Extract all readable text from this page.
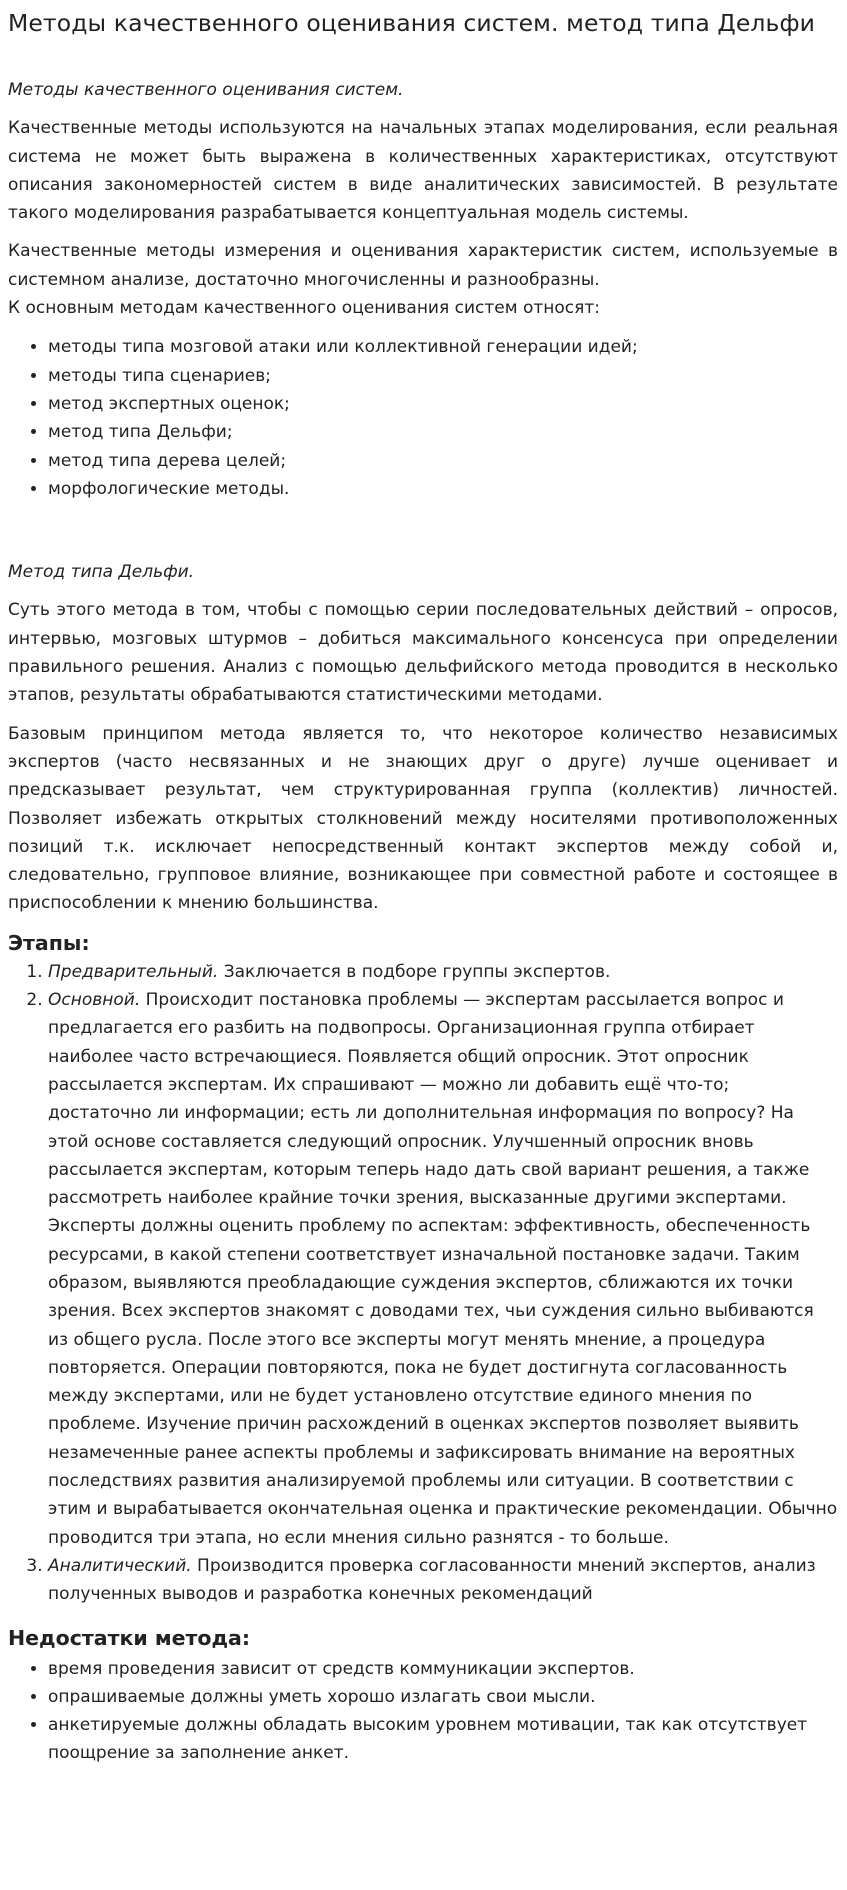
Методы качественного оценивания систем. метод типа Дельфи

Методы качественного оценивания систем.

Качественные методы используются на начальных этапах моделирования, если реальная система не может быть выражена в количественных характеристиках, отсутствуют описания закономерностей систем в виде аналитических зависимостей. В результате такого моделирования разрабатывается концептуальная модель системы.

Качественные методы измерения и оценивания характеристик систем, используемые в системном анализе, достаточно многочисленны и разнообразны.

К основным методам качественного оценивания систем относят:

• методы типа мозговой атаки или коллективной генерации идей;
• методы типа сценариев;
• метод экспертных оценок;
• метод типа Дельфи;
• метод типа дерева целей;
• морфологические методы.

Метод типа Дельфи.

Суть этого метода в том, чтобы с помощью серии последовательных действий – опросов, интервью, мозговых штурмов – добиться максимального консенсуса при определении правильного решения. Анализ с помощью дельфийского метода проводится в несколько этапов, результаты обрабатываются статистическими методами.

Базовым принципом метода является то, что некоторое количество независимых экспертов (часто несвязанных и не знающих друг о друге) лучше оценивает и предсказывает результат, чем структурированная группа (коллектив) личностей. Позволяет избежать открытых столкновений между носителями противоположенных позиций т.к. исключает непосредственный контакт экспертов между собой и, следовательно, групповое влияние, возникающее при совместной работе и состоящее в приспособлении к мнению большинства.

Этапы:
1. Предварительный. Заключается в подборе группы экспертов.
2. Основной. Происходит постановка проблемы — экспертам рассылается вопрос и предлагается его разбить на подвопросы. Организационная группа отбирает наиболее часто встречающиеся. Появляется общий опросник. Этот опросник рассылается экспертам. Их спрашивают — можно ли добавить ещё что-то; достаточно ли информации; есть ли дополнительная информация по вопросу? На этой основе составляется следующий опросник. Улучшенный опросник вновь рассылается экспертам, которым теперь надо дать свой вариант решения, а также рассмотреть наиболее крайние точки зрения, высказанные другими экспертами. Эксперты должны оценить проблему по аспектам: эффективность, обеспеченность ресурсами, в какой степени соответствует изначальной постановке задачи. Таким образом, выявляются преобладающие суждения экспертов, сближаются их точки зрения. Всех экспертов знакомят с доводами тех, чьи суждения сильно выбиваются из общего русла. После этого все эксперты могут менять мнение, а процедура повторяется. Операции повторяются, пока не будет достигнута согласованность между экспертами, или не будет установлено отсутствие единого мнения по проблеме. Изучение причин расхождений в оценках экспертов позволяет выявить незамеченные ранее аспекты проблемы и зафиксировать внимание на вероятных последствиях развития анализируемой проблемы или ситуации. В соответствии с этим и вырабатывается окончательная оценка и практические рекомендации. Обычно проводится три этапа, но если мнения сильно разнятся - то больше.
3. Аналитический. Производится проверка согласованности мнений экспертов, анализ полученных выводов и разработка конечных рекомендаций
Недостатки метода:
• время проведения зависит от средств коммуникации экспертов.
• опрашиваемые должны уметь хорошо излагать свои мысли.
• анкетируемые должны обладать высоким уровнем мотивации, так как отсутствует поощрение за заполнение анкет.
